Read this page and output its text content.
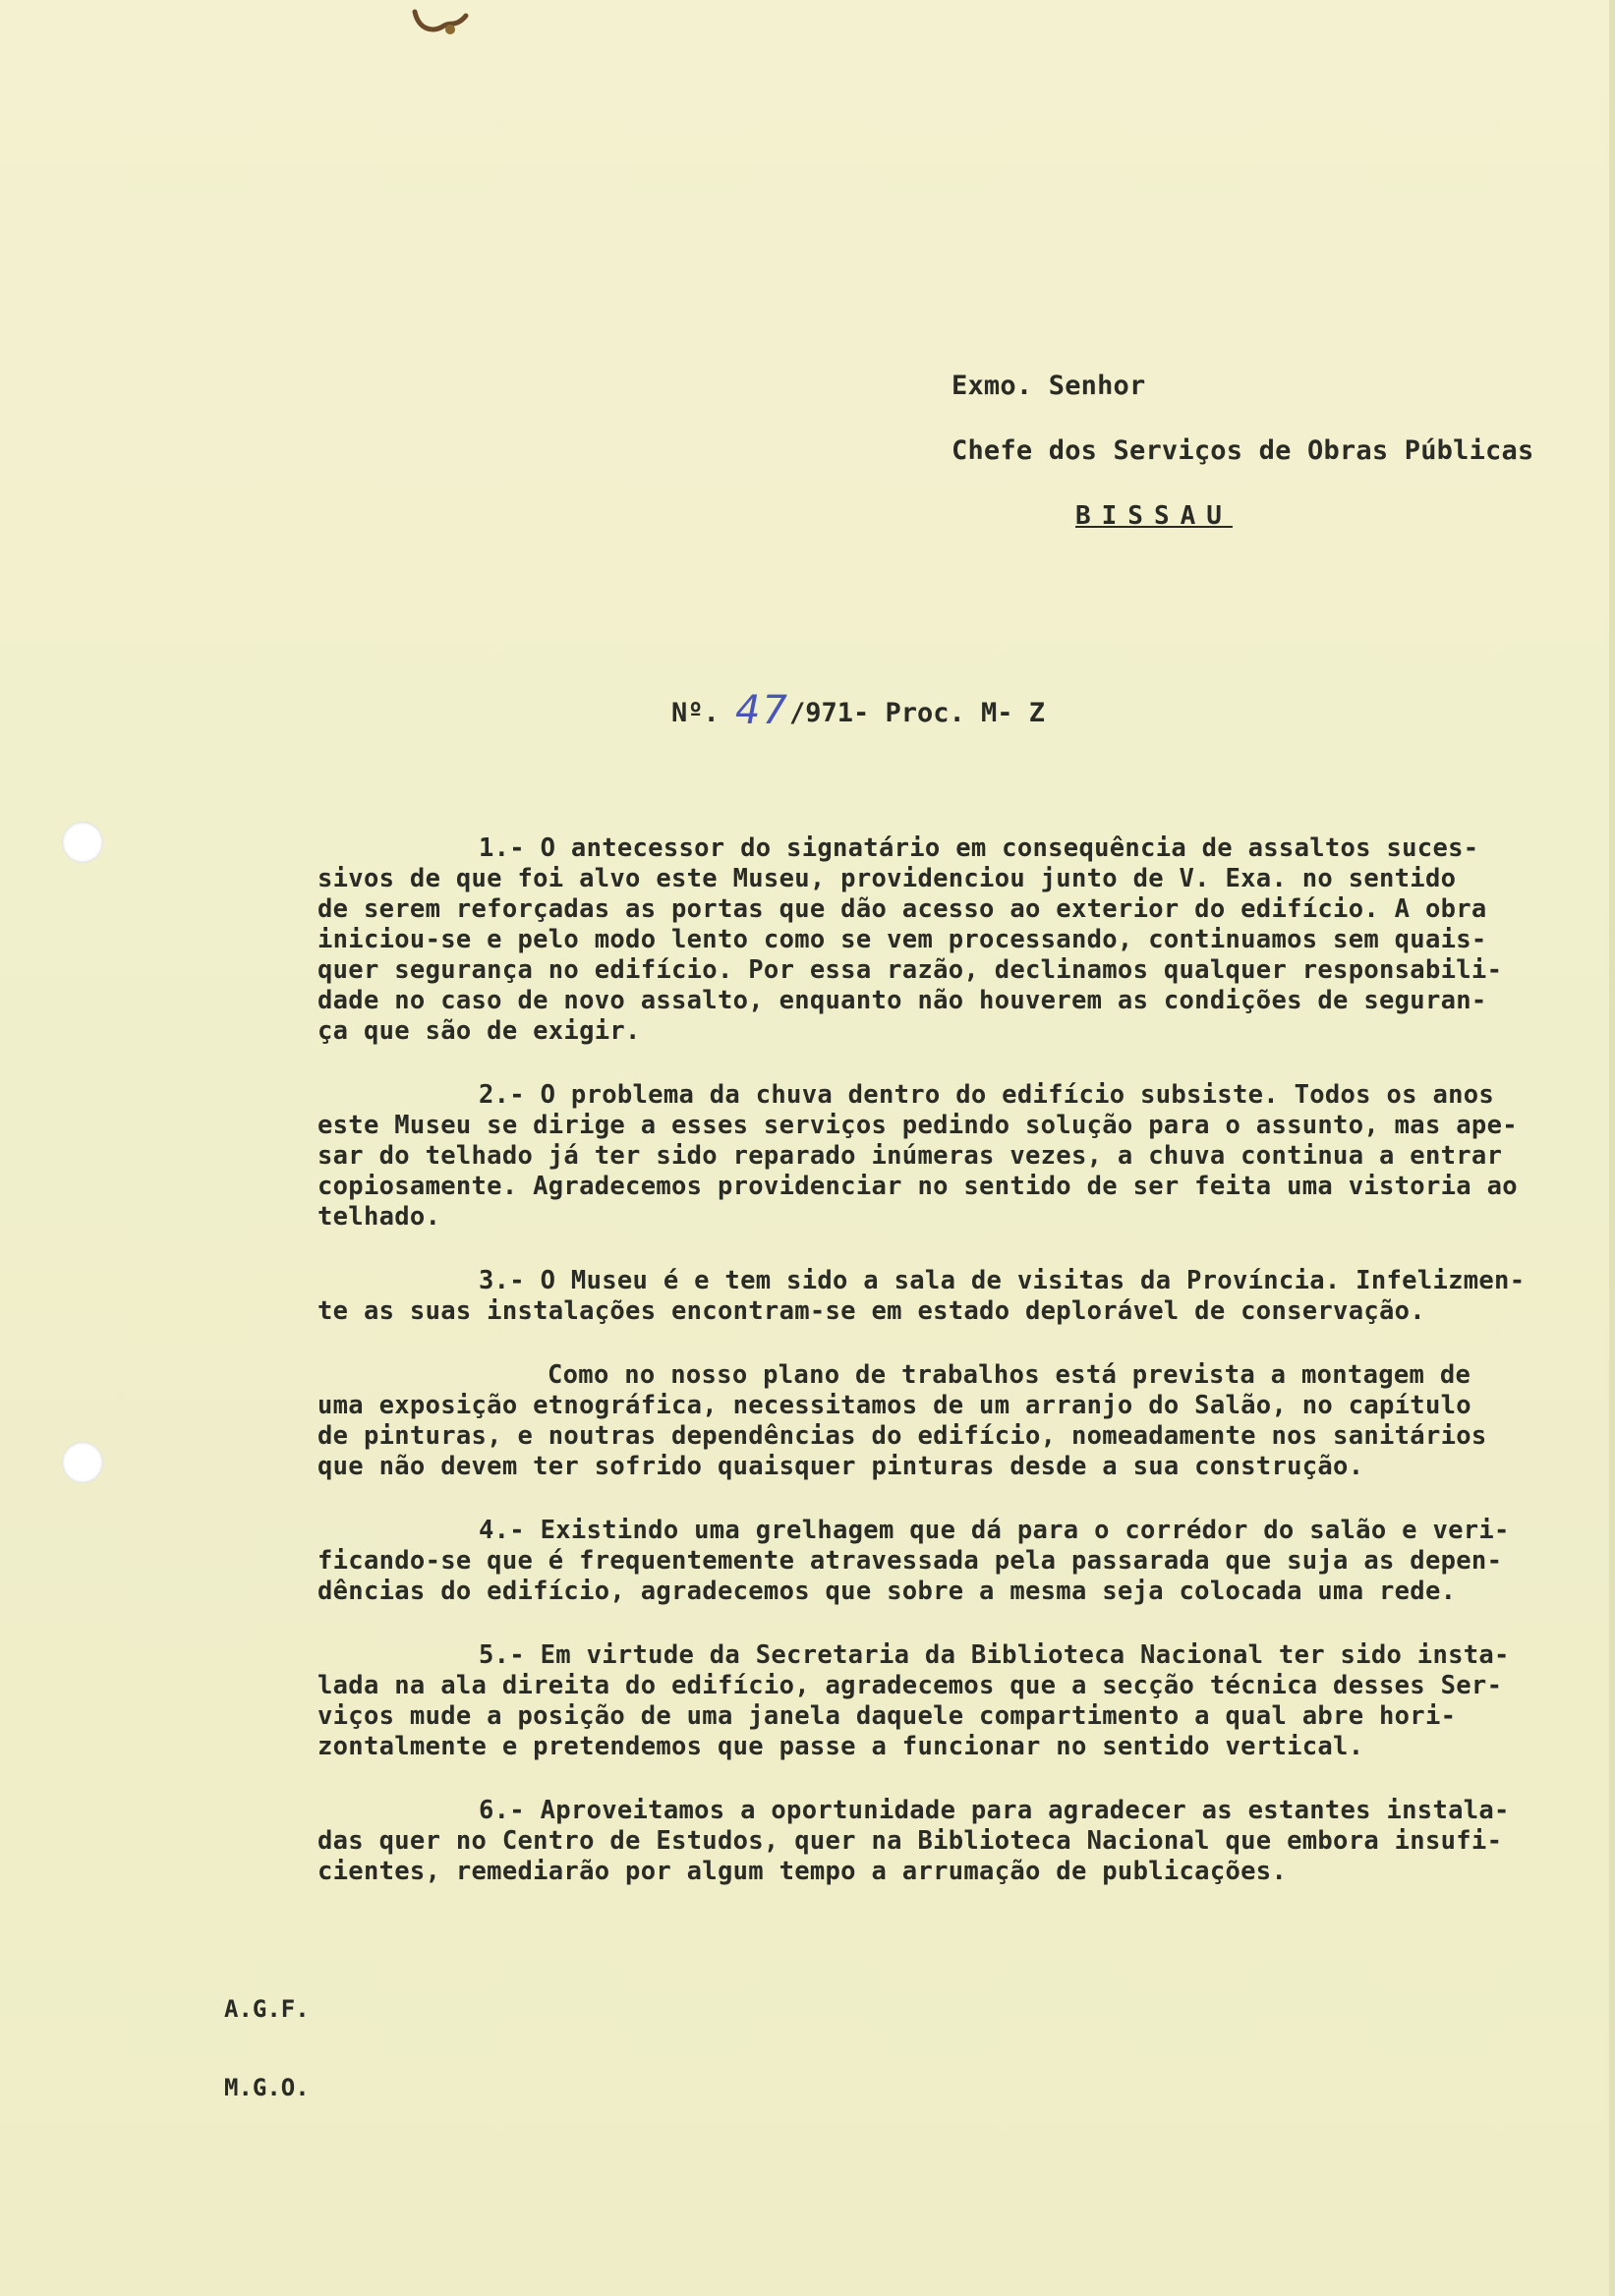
Exmo. Senhor
Chefe dos Serviços de Obras Públicas
BISSAU
Nº. 47/971- Proc. M- Z
1.- O antecessor do signatário em consequência de assaltos suces-
sivos de que foi alvo este Museu, providenciou junto de V. Exa. no sentido
de serem reforçadas as portas que dão acesso ao exterior do edifício. A obra
iniciou-se e pelo modo lento como se vem processando, continuamos sem quais-
quer segurança no edifício. Por essa razão, declinamos qualquer responsabili-
dade no caso de novo assalto, enquanto não houverem as condições de seguran-
ça que são de exigir.
2.- O problema da chuva dentro do edifício subsiste. Todos os anos
este Museu se dirige a esses serviços pedindo solução para o assunto, mas ape-
sar do telhado já ter sido reparado inúmeras vezes, a chuva continua a entrar
copiosamente. Agradecemos providenciar no sentido de ser feita uma vistoria ao
telhado.
3.- O Museu é e tem sido a sala de visitas da Província. Infelizmen-
te as suas instalações encontram-se em estado deplorável de conservação.
Como no nosso plano de trabalhos está prevista a montagem de
uma exposição etnográfica, necessitamos de um arranjo do Salão, no capítulo
de pinturas, e noutras dependências do edifício, nomeadamente nos sanitários
que não devem ter sofrido quaisquer pinturas desde a sua construção.
4.- Existindo uma grelhagem que dá para o corrédor do salão e veri-
ficando-se que é frequentemente atravessada pela passarada que suja as depen-
dências do edifício, agradecemos que sobre a mesma seja colocada uma rede.
5.- Em virtude da Secretaria da Biblioteca Nacional ter sido insta-
lada na ala direita do edifício, agradecemos que a secção técnica desses Ser-
viços mude a posição de uma janela daquele compartimento a qual abre hori-
zontalmente e pretendemos que passe a funcionar no sentido vertical.
6.- Aproveitamos a oportunidade para agradecer as estantes instala-
das quer no Centro de Estudos, quer na Biblioteca Nacional que embora insufi-
cientes, remediarão por algum tempo a arrumação de publicações.
A.G.F.
M.G.O.
